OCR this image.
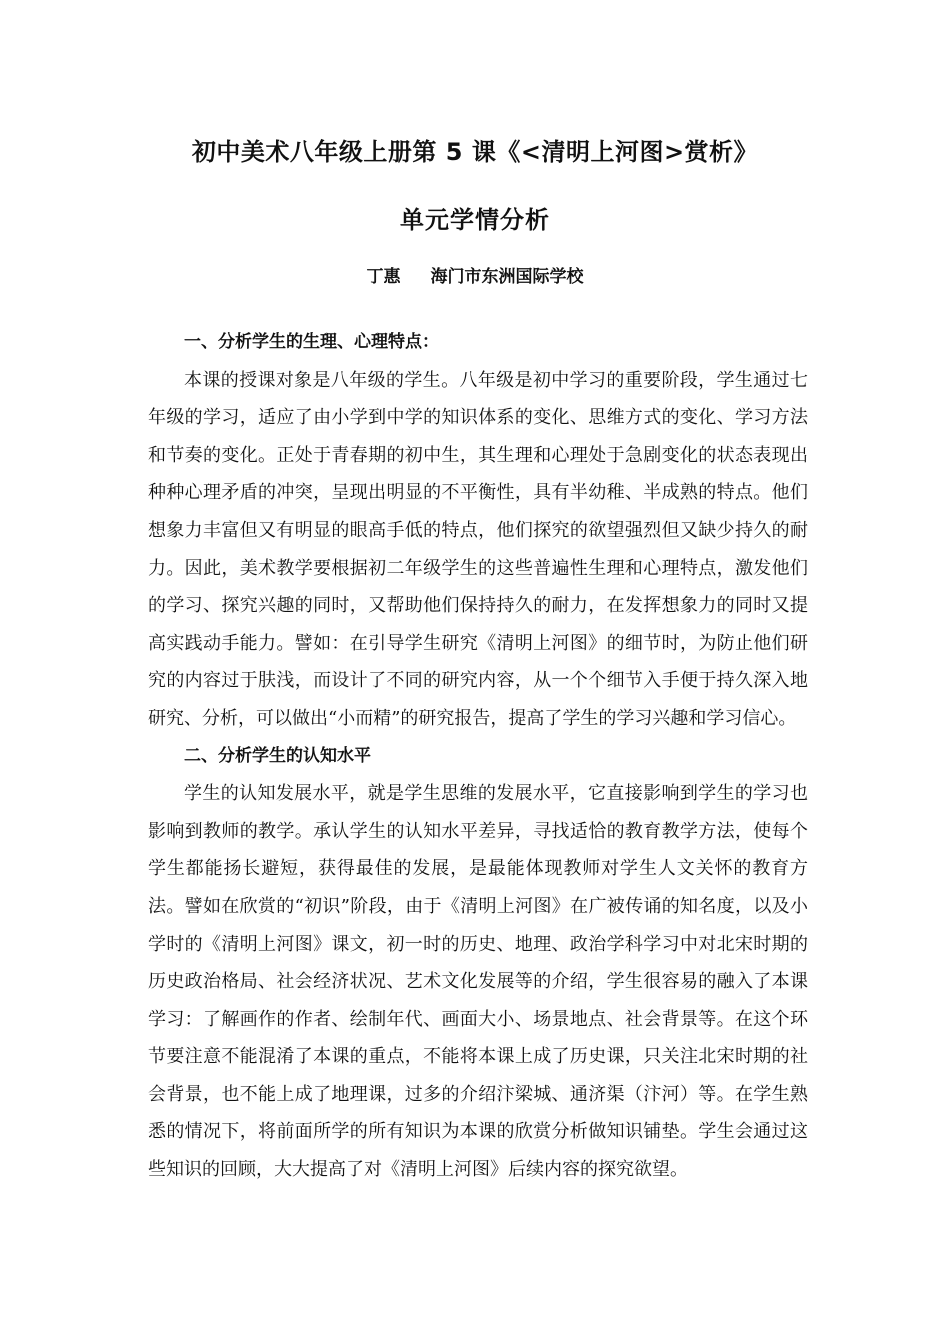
初中美术八年级上册第 5 课《<清明上河图>赏析》
单元学情分析
丁惠 海门市东洲国际学校

一、分析学生的生理、心理特点：

本课的授课对象是八年级的学生。八年级是初中学习的重要阶段，学生通过七年级的学习，适应了由小学到中学的知识体系的变化、思维方式的变化、学习方法和节奏的变化。正处于青春期的初中生，其生理和心理处于急剧变化的状态表现出种种心理矛盾的冲突，呈现出明显的不平衡性，具有半幼稚、半成熟的特点。他们想象力丰富但又有明显的眼高手低的特点，他们探究的欲望强烈但又缺少持久的耐力。因此，美术教学要根据初二年级学生的这些普遍性生理和心理特点，激发他们的学习、探究兴趣的同时，又帮助他们保持持久的耐力，在发挥想象力的同时又提高实践动手能力。譬如：在引导学生研究《清明上河图》的细节时，为防止他们研究的内容过于肤浅，而设计了不同的研究内容，从一个个细节入手便于持久深入地研究、分析，可以做出“小而精”的研究报告，提高了学生的学习兴趣和学习信心。

二、分析学生的认知水平

学生的认知发展水平，就是学生思维的发展水平，它直接影响到学生的学习也影响到教师的教学。承认学生的认知水平差异，寻找适恰的教育教学方法，使每个学生都能扬长避短，获得最佳的发展，是最能体现教师对学生人文关怀的教育方法。譬如在欣赏的“初识”阶段，由于《清明上河图》在广被传诵的知名度，以及小学时的《清明上河图》课文，初一时的历史、地理、政治学科学习中对北宋时期的历史政治格局、社会经济状况、艺术文化发展等的介绍，学生很容易的融入了本课学习：了解画作的作者、绘制年代、画面大小、场景地点、社会背景等。在这个环节要注意不能混淆了本课的重点，不能将本课上成了历史课，只关注北宋时期的社会背景，也不能上成了地理课，过多的介绍汴梁城、通济渠（汴河）等。在学生熟悉的情况下，将前面所学的所有知识为本课的欣赏分析做知识铺垫。学生会通过这些知识的回顾，大大提高了对《清明上河图》后续内容的探究欲望。
